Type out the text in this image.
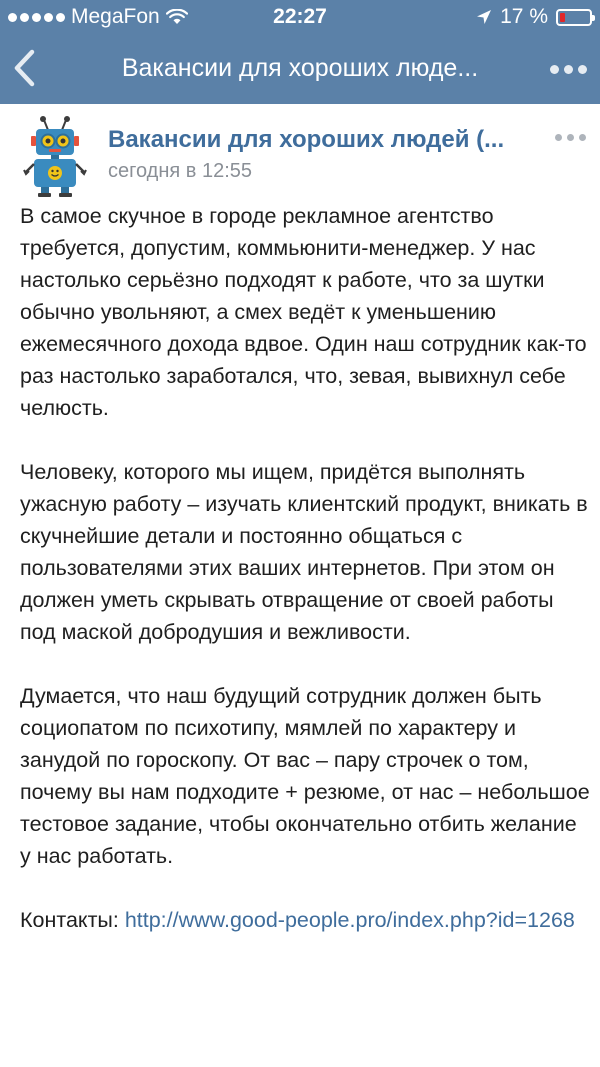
MegaFon	22:27	17 %
Вакансии для хороших люде...
Вакансии для хороших людей (...
сегодня в 12:55

В самое скучное в городе рекламное агентство требуется, допустим, коммьюнити-менеджер. У нас настолько серьёзно подходят к работе, что за шутки обычно увольняют, а смех ведёт к уменьшению ежемесячного дохода вдвое. Один наш сотрудник как-то раз настолько заработался, что, зевая, вывихнул себе челюсть.

Человеку, которого мы ищем, придётся выполнять ужасную работу – изучать клиентский продукт, вникать в скучнейшие детали и постоянно общаться с пользователями этих ваших интернетов. При этом он должен уметь скрывать отвращение от своей работы под маской добродушия и вежливости.

Думается, что наш будущий сотрудник должен быть социопатом по психотипу, мямлей по характеру и занудой по гороскопу. От вас – пару строчек о том, почему вы нам подходите + резюме, от нас – небольшое тестовое задание, чтобы окончательно отбить желание у нас работать.

Контакты: http://www.good-people.pro/index.php?id=1268
